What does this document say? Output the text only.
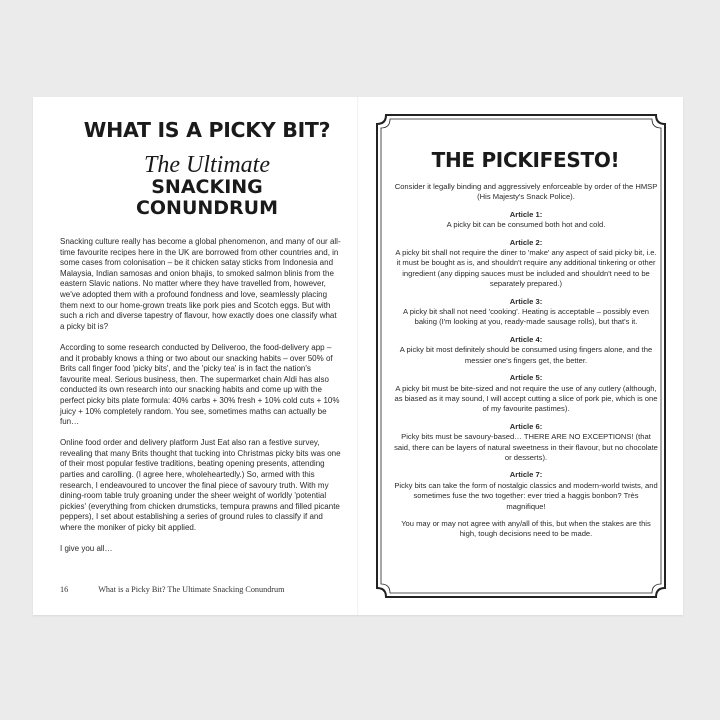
WHAT IS A PICKY BIT?
The Ultimate
SNACKING
CONUNDRUM

Snacking culture really has become a global phenomenon, and many of our all-time favourite recipes here in the UK are borrowed from other countries and, in some cases from colonisation – be it chicken satay sticks from Indonesia and Malaysia, Indian samosas and onion bhajis, to smoked salmon blinis from the eastern Slavic nations. No matter where they have travelled from, however, we've adopted them with a profound fondness and love, seamlessly placing them next to our home-grown treats like pork pies and Scotch eggs. But with such a rich and diverse tapestry of flavour, how exactly does one classify what a picky bit is?

According to some research conducted by Deliveroo, the food-delivery app – and it probably knows a thing or two about our snacking habits – over 50% of Brits call finger food 'picky bits', and the 'picky tea' is in fact the nation's favourite meal. Serious business, then. The supermarket chain Aldi has also conducted its own research into our snacking habits and come up with the perfect picky bits plate formula: 40% carbs + 30% fresh + 10% cold cuts + 10% juicy + 10% completely random. You see, sometimes maths can actually be fun…

Online food order and delivery platform Just Eat also ran a festive survey, revealing that many Brits thought that tucking into Christmas picky bits was one of their most popular festive traditions, beating opening presents, attending parties and carolling. (I agree here, wholeheartedly.) So, armed with this research, I endeavoured to uncover the final piece of savoury truth. With my dining-room table truly groaning under the sheer weight of worldly 'potential pickies' (everything from chicken drumsticks, tempura prawns and filled picante peppers), I set about establishing a series of ground rules to classify if and where the moniker of picky bit applied.

I give you all…

16	What is a Picky Bit? The Ultimate Snacking Conundrum
THE PICKIFESTO!

Consider it legally binding and aggressively enforceable by order of the HMSP (His Majesty's Snack Police).

Article 1:
A picky bit can be consumed both hot and cold.

Article 2:
A picky bit shall not require the diner to 'make' any aspect of said picky bit, i.e. it must be bought as is, and shouldn't require any additional tinkering or other ingredient (any dipping sauces must be included and shouldn't need to be separately prepared.)

Article 3:
A picky bit shall not need 'cooking'. Heating is acceptable – possibly even baking (I'm looking at you, ready-made sausage rolls), but that's it.

Article 4:
A picky bit most definitely should be consumed using fingers alone, and the messier one's fingers get, the better.

Article 5:
A picky bit must be bite-sized and not require the use of any cutlery (although, as biased as it may sound, I will accept cutting a slice of pork pie, which is one of my favourite pastimes).

Article 6:
Picky bits must be savoury-based… THERE ARE NO EXCEPTIONS! (that said, there can be layers of natural sweetness in their flavour, but no chocolate or desserts).

Article 7:
Picky bits can take the form of nostalgic classics and modern-world twists, and sometimes fuse the two together: ever tried a haggis bonbon? Très magnifique!

You may or may not agree with any/all of this, but when the stakes are this high, tough decisions need to be made.
